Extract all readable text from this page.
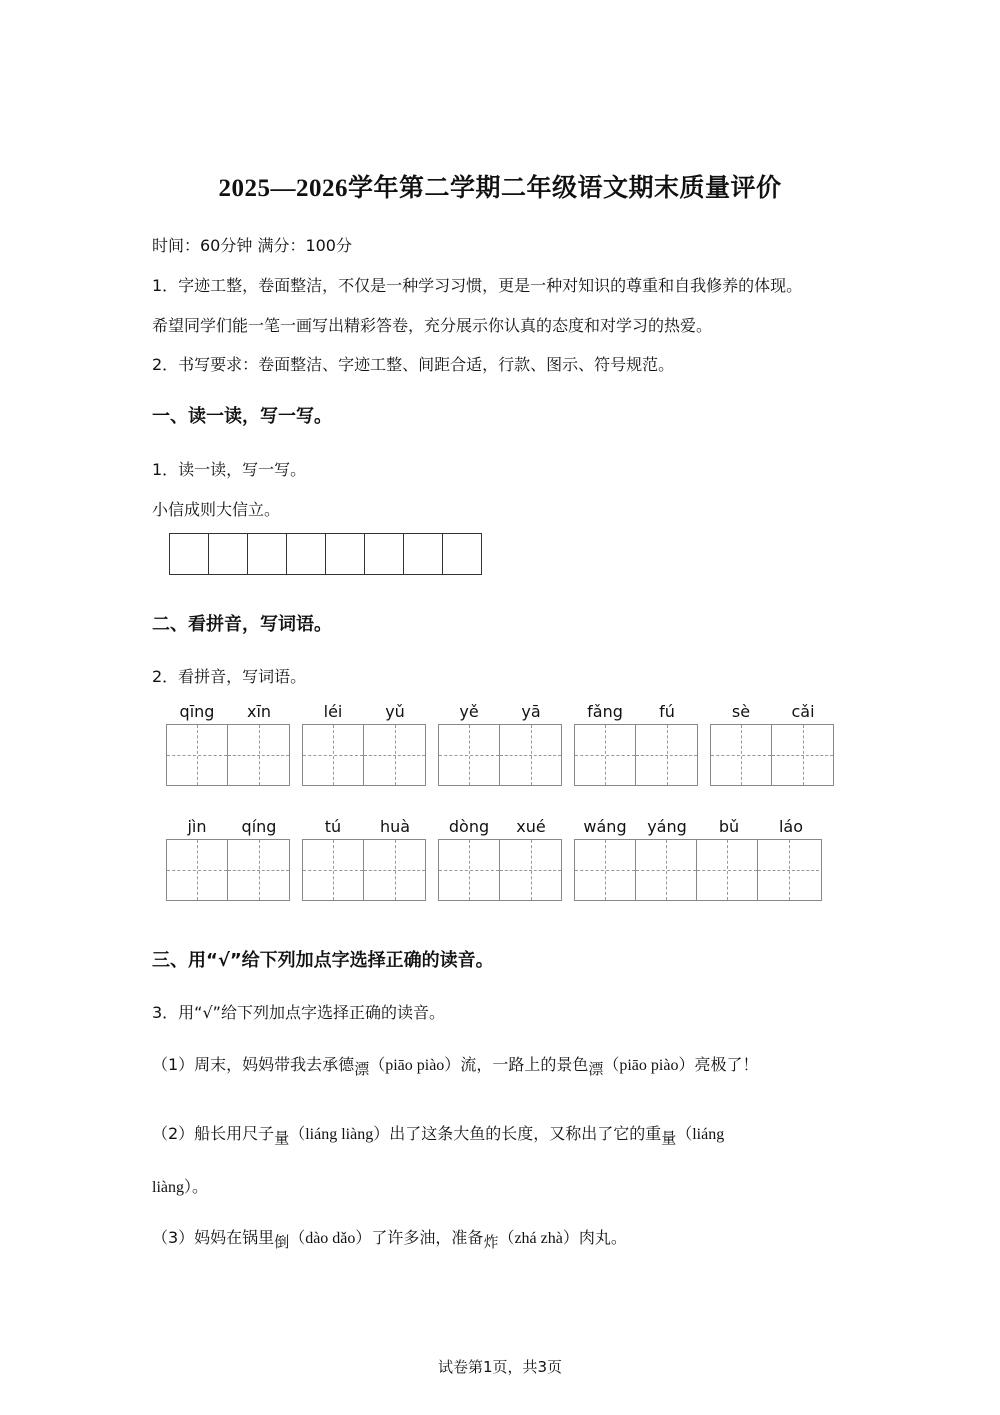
2025—2026学年第二学期二年级语文期末质量评价
时间：60分钟 满分：100分
1．字迹工整，卷面整洁，不仅是一种学习习惯，更是一种对知识的尊重和自我修养的体现。
希望同学们能一笔一画写出精彩答卷，充分展示你认真的态度和对学习的热爱。
2．书写要求：卷面整洁、字迹工整、间距合适，行款、图示、符号规范。
一、读一读，写一写。
1．读一读，写一写。
小信成则大信立。
二、看拼音，写词语。
2．看拼音，写词语。
qīng	xīn	léi	yǔ	yě	yā	fǎng	fú	sè	cǎi
jìn	qíng	tú	huà	dòng	xué	wáng	yáng	bǔ	láo
三、用“√”给下列加点字选择正确的读音。
3．用“√”给下列加点字选择正确的读音。
（1）周末，妈妈带我去承德漂（piāo piào）流，一路上的景色漂（piāo piào）亮极了！
（2）船长用尺子量（liáng liàng）出了这条大鱼的长度，又称出了它的重量（liáng
liàng）。
（3）妈妈在锅里倒（dào dǎo）了许多油，准备炸（zhá zhà）肉丸。
试卷第1页，共3页
